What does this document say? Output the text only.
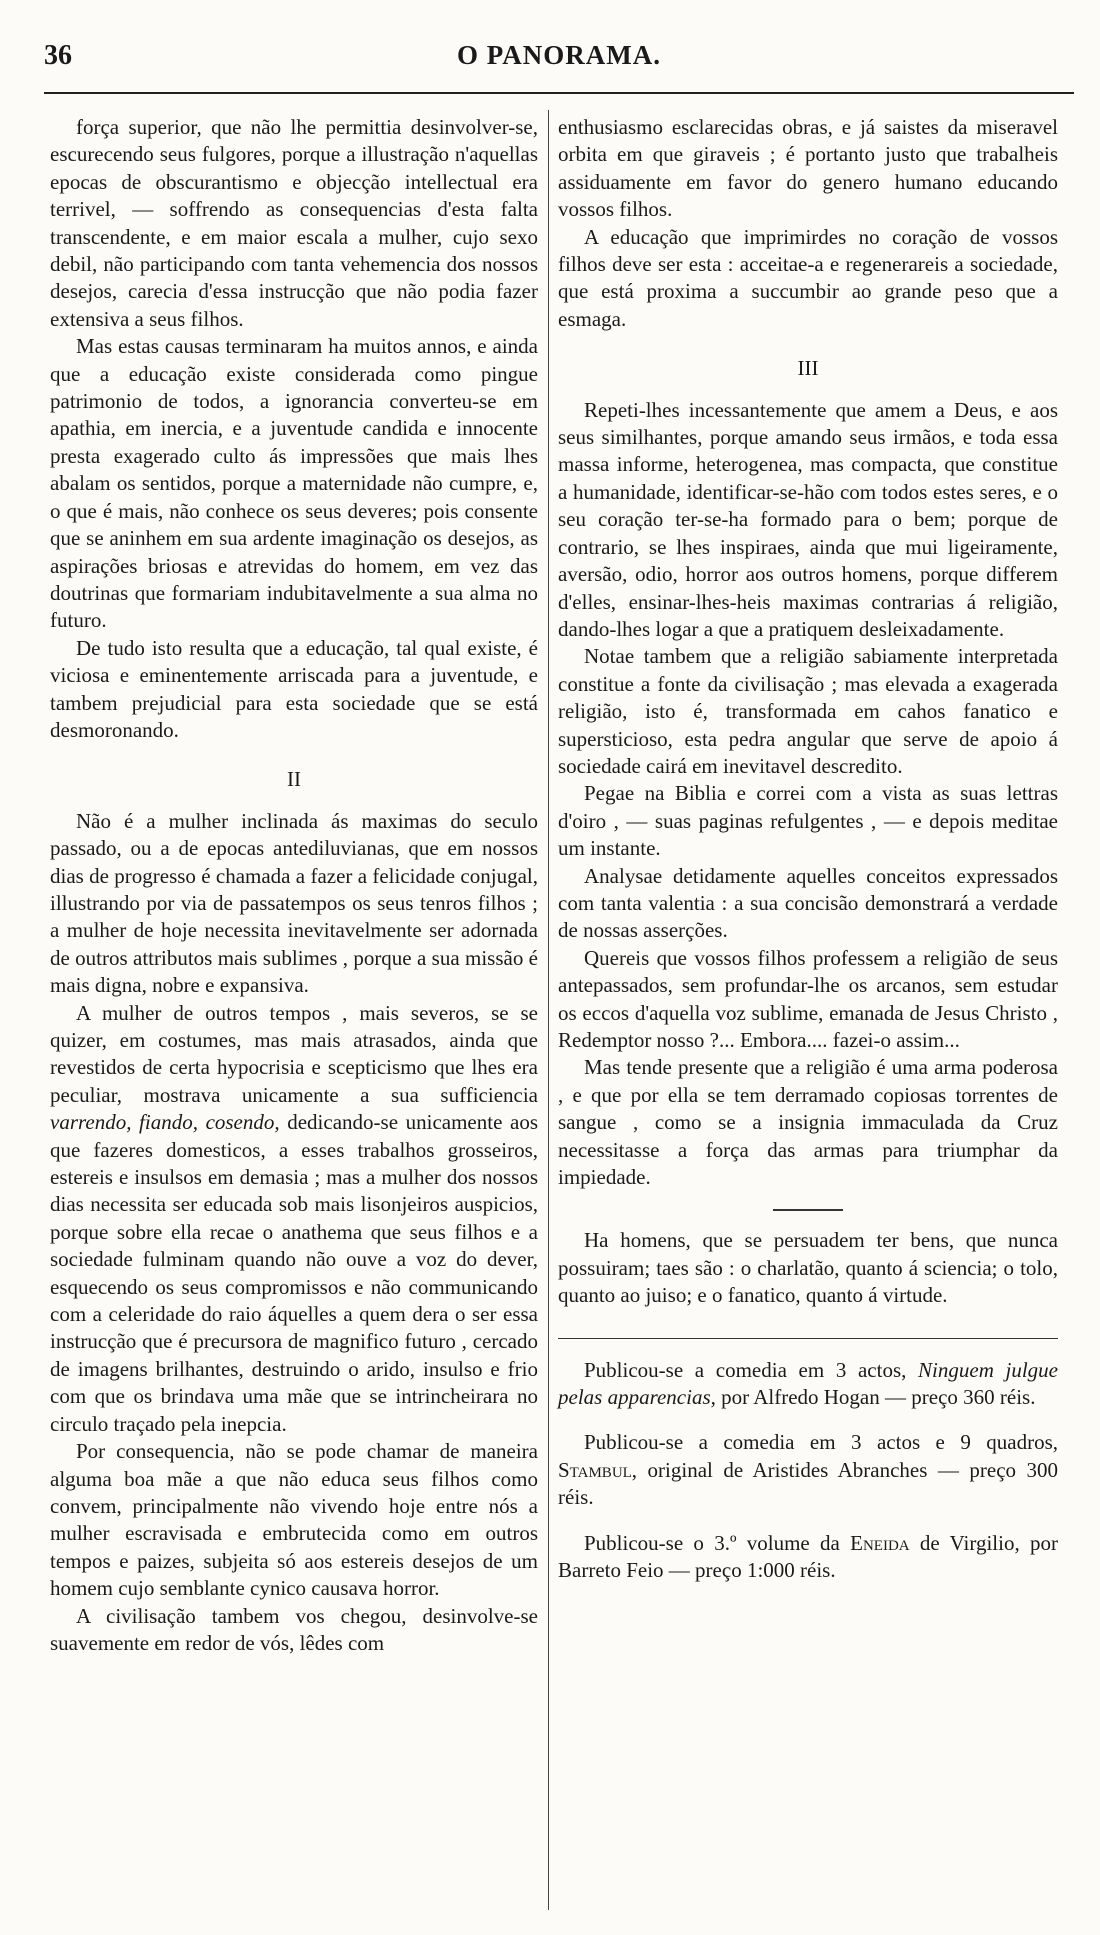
36	O PANORAMA.

força superior, que não lhe permittia desinvolver-se, escurecendo seus fulgores, porque a illustração n'aquellas epocas de obscurantismo e objecção intellectual era terrivel, — soffrendo as consequencias d'esta falta transcendente, e em maior escala a mulher, cujo sexo debil, não participando com tanta vehemencia dos nossos desejos, carecia d'essa instrucção que não podia fazer extensiva a seus filhos.

Mas estas causas terminaram ha muitos annos, e ainda que a educação existe considerada como pingue patrimonio de todos, a ignorancia converteu-se em apathia, em inercia, e a juventude candida e innocente presta exagerado culto ás impressões que mais lhes abalam os sentidos, porque a maternidade não cumpre, e, o que é mais, não conhece os seus deveres; pois consente que se aninhem em sua ardente imaginação os desejos, as aspirações briosas e atrevidas do homem, em vez das doutrinas que formariam indubitavelmente a sua alma no futuro.

De tudo isto resulta que a educação, tal qual existe, é viciosa e eminentemente arriscada para a juventude, e tambem prejudicial para esta sociedade que se está desmoronando.

II

Não é a mulher inclinada ás maximas do seculo passado, ou a de epocas antediluvianas, que em nossos dias de progresso é chamada a fazer a felicidade conjugal, illustrando por via de passatempos os seus tenros filhos ; a mulher de hoje necessita inevitavelmente ser adornada de outros attributos mais sublimes , porque a sua missão é mais digna, nobre e expansiva.

A mulher de outros tempos , mais severos, se se quizer, em costumes, mas mais atrasados, ainda que revestidos de certa hypocrisia e scepticismo que lhes era peculiar, mostrava unicamente a sua sufficiencia varrendo, fiando, cosendo, dedicando-se unicamente aos que fazeres domesticos, a esses trabalhos grosseiros, estereis e insulsos em demasia ; mas a mulher dos nossos dias necessita ser educada sob mais lisonjeiros auspicios, porque sobre ella recae o anathema que seus filhos e a sociedade fulminam quando não ouve a voz do dever, esquecendo os seus compromissos e não communicando com a celeridade do raio áquelles a quem dera o ser essa instrucção que é precursora de magnifico futuro , cercado de imagens brilhantes, destruindo o arido, insulso e frio com que os brindava uma mãe que se intrincheirara no circulo traçado pela inepcia.

Por consequencia, não se pode chamar de maneira alguma boa mãe a que não educa seus filhos como convem, principalmente não vivendo hoje entre nós a mulher escravisada e embrutecida como em outros tempos e paizes, subjeita só aos estereis desejos de um homem cujo semblante cynico causava horror.

A civilisação tambem vos chegou, desinvolve-se suavemente em redor de vós, lêdes com

enthusiasmo esclarecidas obras, e já saistes da miseravel orbita em que giraveis ; é portanto justo que trabalheis assiduamente em favor do genero humano educando vossos filhos.

A educação que imprimirdes no coração de vossos filhos deve ser esta : acceitae-a e regenerareis a sociedade, que está proxima a succumbir ao grande peso que a esmaga.

III

Repeti-lhes incessantemente que amem a Deus, e aos seus similhantes, porque amando seus irmãos, e toda essa massa informe, heterogenea, mas compacta, que constitue a humanidade, identificar-se-hão com todos estes seres, e o seu coração ter-se-ha formado para o bem; porque de contrario, se lhes inspiraes, ainda que mui ligeiramente, aversão, odio, horror aos outros homens, porque differem d'elles, ensinar-lhes-heis maximas contrarias á religião, dando-lhes logar a que a pratiquem desleixadamente.

Notae tambem que a religião sabiamente interpretada constitue a fonte da civilisação ; mas elevada a exagerada religião, isto é, transformada em cahos fanatico e supersticioso, esta pedra angular que serve de apoio á sociedade cairá em inevitavel descredito.

Pegae na Biblia e correi com a vista as suas lettras d'oiro , — suas paginas refulgentes , — e depois meditae um instante.

Analysae detidamente aquelles conceitos expressados com tanta valentia : a sua concisão demonstrará a verdade de nossas asserções.

Quereis que vossos filhos professem a religião de seus antepassados, sem profundar-lhe os arcanos, sem estudar os eccos d'aquella voz sublime, emanada de Jesus Christo , Redemptor nosso ?... Embora.... fazei-o assim...

Mas tende presente que a religião é uma arma poderosa , e que por ella se tem derramado copiosas torrentes de sangue , como se a insignia immaculada da Cruz necessitasse a força das armas para triumphar da impiedade.

Ha homens, que se persuadem ter bens, que nunca possuiram; taes são : o charlatão, quanto á sciencia; o tolo, quanto ao juiso; e o fanatico, quanto á virtude.

Publicou-se a comedia em 3 actos, Ninguem julgue pelas apparencias, por Alfredo Hogan — preço 360 réis.

Publicou-se a comedia em 3 actos e 9 quadros, Stambul, original de Aristides Abranches — preço 300 réis.

Publicou-se o 3.º volume da Eneida de Virgilio, por Barreto Feio — preço 1:000 réis.
